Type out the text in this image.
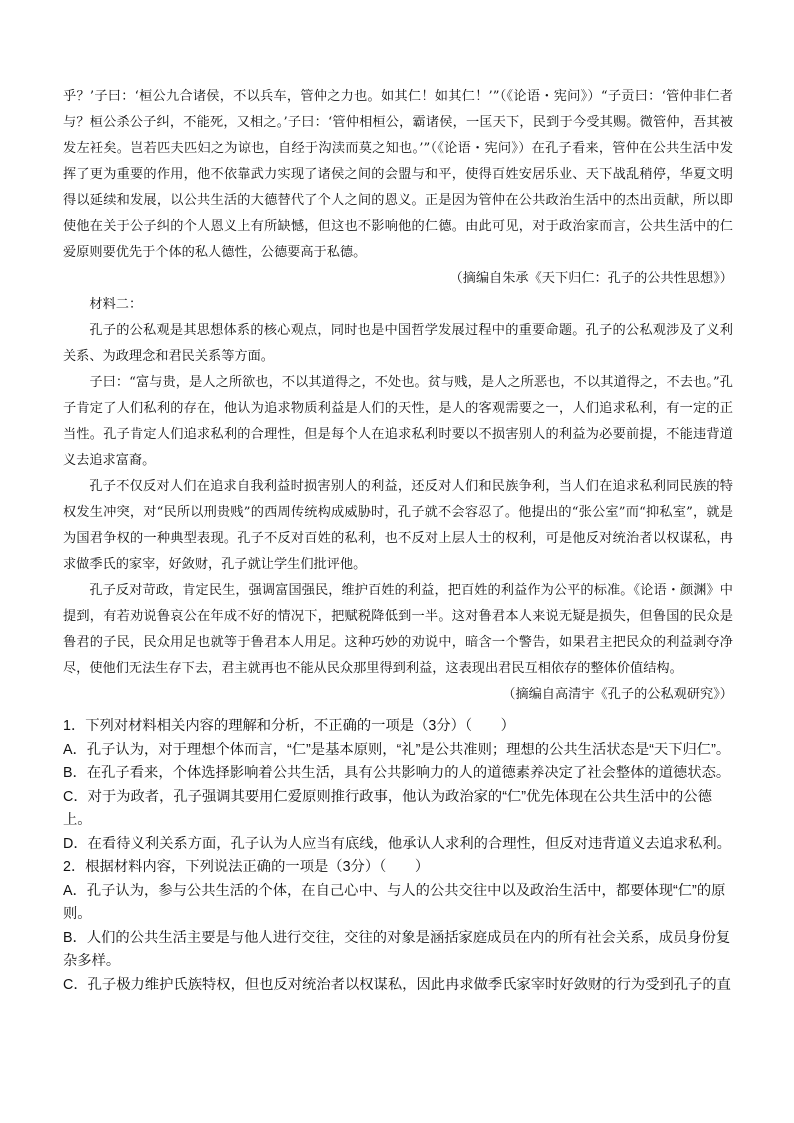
乎？’子曰：‘桓公九合诸侯，不以兵车，管仲之力也。如其仁！如其仁！’”（《论语・宪问》）“子贡曰：‘管仲非仁者与？桓公杀公子纠，不能死，又相之。’子曰：‘管仲相桓公，霸诸侯，一匡天下，民到于今受其赐。微管仲，吾其被发左衽矣。岂若匹夫匹妇之为谅也，自经于沟渎而莫之知也。’”（《论语・宪问》）在孔子看来，管仲在公共生活中发挥了更为重要的作用，他不依靠武力实现了诸侯之间的会盟与和平，使得百姓安居乐业、天下战乱稍停，华夏文明得以延续和发展，以公共生活的大德替代了个人之间的恩义。正是因为管仲在公共政治生活中的杰出贡献，所以即使他在关于公子纠的个人恩义上有所缺憾，但这也不影响他的仁德。由此可见，对于政治家而言，公共生活中的仁爱原则要优先于个体的私人德性，公德要高于私德。

（摘编自朱承《天下归仁：孔子的公共性思想》）

材料二：

孔子的公私观是其思想体系的核心观点，同时也是中国哲学发展过程中的重要命题。孔子的公私观涉及了义利关系、为政理念和君民关系等方面。

子曰：“富与贵，是人之所欲也，不以其道得之，不处也。贫与贱，是人之所恶也，不以其道得之，不去也。”孔子肯定了人们私利的存在，他认为追求物质利益是人们的天性，是人的客观需要之一，人们追求私利，有一定的正当性。孔子肯定人们追求私利的合理性，但是每个人在追求私利时要以不损害别人的利益为必要前提，不能违背道义去追求富裔。

孔子不仅反对人们在追求自我利益时损害别人的利益，还反对人们和民族争利，当人们在追求私利同民族的特权发生冲突，对“民所以刑贵贱”的西周传统构成威胁时，孔子就不会容忍了。他提出的“张公室”而“抑私室”，就是为国君争权的一种典型表现。孔子不反对百姓的私利，也不反对上层人士的权利，可是他反对统治者以权谋私，冉求做季氏的家宰，好敛财，孔子就让学生们批评他。

孔子反对苛政，肯定民生，强调富国强民，维护百姓的利益，把百姓的利益作为公平的标准。《论语・颜渊》中提到，有若劝说鲁哀公在年成不好的情况下，把赋税降低到一半。这对鲁君本人来说无疑是损失，但鲁国的民众是鲁君的子民，民众用足也就等于鲁君本人用足。这种巧妙的劝说中，暗含一个警告，如果君主把民众的利益剥夺净尽，使他们无法生存下去，君主就再也不能从民众那里得到利益，这表现出君民互相依存的整体价值结构。

（摘编自高清宇《孔子的公私观研究》）

1．下列对材料相关内容的理解和分析，不正确的一项是（3分）（　　）

A．孔子认为，对于理想个体而言，“仁”是基本原则，“礼”是公共准则；理想的公共生活状态是“天下归仁”。

B．在孔子看来，个体选择影响着公共生活，具有公共影响力的人的道德素养决定了社会整体的道德状态。

C．对于为政者，孔子强调其要用仁爱原则推行政事，他认为政治家的“仁”优先体现在公共生活中的公德上。

D．在看待义利关系方面，孔子认为人应当有底线，他承认人求利的合理性，但反对违背道义去追求私利。

2．根据材料内容，下列说法正确的一项是（3分）（　　）

A．孔子认为，参与公共生活的个体，在自己心中、与人的公共交往中以及政治生活中，都要体现“仁”的原则。

B．人们的公共生活主要是与他人进行交往，交往的对象是涵括家庭成员在内的所有社会关系，成员身份复杂多样。

C．孔子极力维护氏族特权，但也反对统治者以权谋私，因此冉求做季氏家宰时好敛财的行为受到孔子的直
